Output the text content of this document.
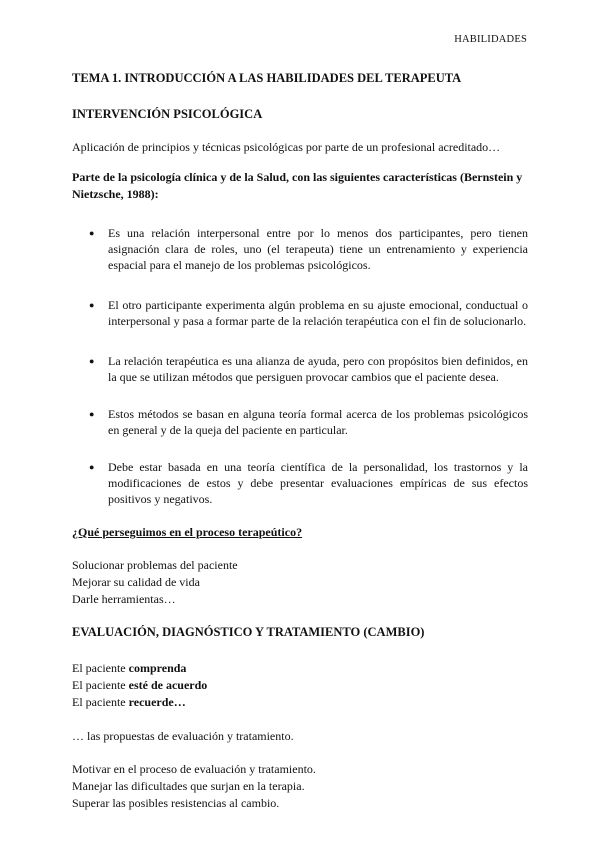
HABILIDADES
TEMA 1. INTRODUCCIÓN A LAS HABILIDADES DEL TERAPEUTA
INTERVENCIÓN PSICOLÓGICA

Aplicación de principios y técnicas psicológicas por parte de un profesional acreditado…

Parte de la psicología clínica y de la Salud, con las siguientes características (Bernstein y Nietzsche, 1988):

● Es una relación interpersonal entre por lo menos dos participantes, pero tienen asignación clara de roles, uno (el terapeuta) tiene un entrenamiento y experiencia espacial para el manejo de los problemas psicológicos.
● El otro participante experimenta algún problema en su ajuste emocional, conductual o interpersonal y pasa a formar parte de la relación terapéutica con el fin de solucionarlo.
● La relación terapéutica es una alianza de ayuda, pero con propósitos bien definidos, en la que se utilizan métodos que persiguen provocar cambios que el paciente desea.
● Estos métodos se basan en alguna teoría formal acerca de los problemas psicológicos en general y de la queja del paciente en particular.
● Debe estar basada en una teoría científica de la personalidad, los trastornos y la modificaciones de estos y debe presentar evaluaciones empíricas de sus efectos positivos y negativos.

¿Qué perseguimos en el proceso terapeútico?

Solucionar problemas del paciente

Mejorar su calidad de vida

Darle herramientas…

EVALUACIÓN, DIAGNÓSTICO Y TRATAMIENTO (CAMBIO)

El paciente comprenda

El paciente esté de acuerdo

El paciente recuerde…

… las propuestas de evaluación y tratamiento.

Motivar en el proceso de evaluación y tratamiento.

Manejar las dificultades que surjan en la terapia.

Superar las posibles resistencias al cambio.
